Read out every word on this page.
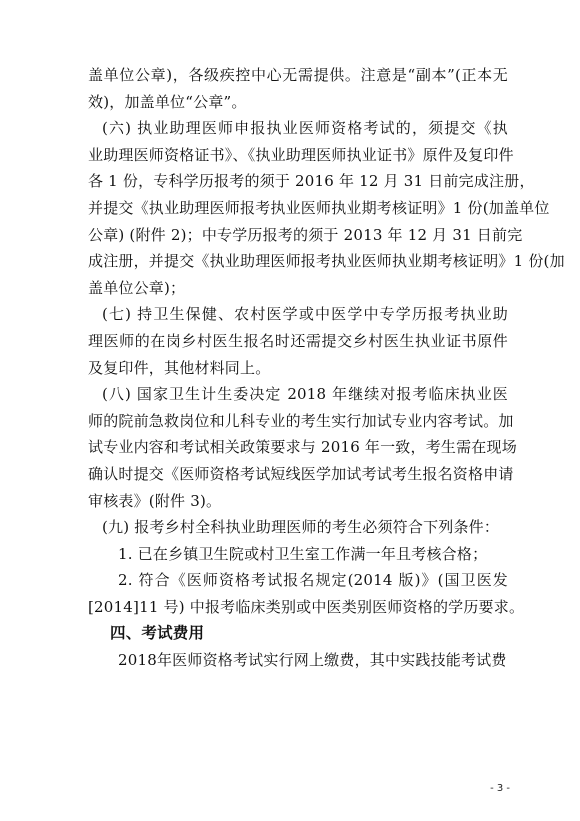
盖单位公章)，各级疾控中心无需提供。注意是“副本”(正本无
效)，加盖单位“公章”。
(六) 执业助理医师申报执业医师资格考试的，须提交《执
业助理医师资格证书》、《执业助理医师执业证书》原件及复印件
各 1 份，专科学历报考的须于 2016 年 12 月 31 日前完成注册，
并提交《执业助理医师报考执业医师执业期考核证明》1 份(加盖单位
公章) (附件 2)；中专学历报考的须于 2013 年 12 月 31 日前完
成注册，并提交《执业助理医师报考执业医师执业期考核证明》1 份(加
盖单位公章)；
(七) 持卫生保健、农村医学或中医学中专学历报考执业助
理医师的在岗乡村医生报名时还需提交乡村医生执业证书原件
及复印件，其他材料同上。
(八) 国家卫生计生委决定 2018 年继续对报考临床执业医
师的院前急救岗位和儿科专业的考生实行加试专业内容考试。加
试专业内容和考试相关政策要求与 2016 年一致，考生需在现场
确认时提交《医师资格考试短线医学加试考试考生报名资格申请
审核表》(附件 3)。
(九) 报考乡村全科执业助理医师的考生必须符合下列条件：
1. 已在乡镇卫生院或村卫生室工作满一年且考核合格；
2. 符合《医师资格考试报名规定(2014 版)》(国卫医发
[2014]11 号) 中报考临床类别或中医类别医师资格的学历要求。
四、考试费用
2018年医师资格考试实行网上缴费，其中实践技能考试费
- 3 -
